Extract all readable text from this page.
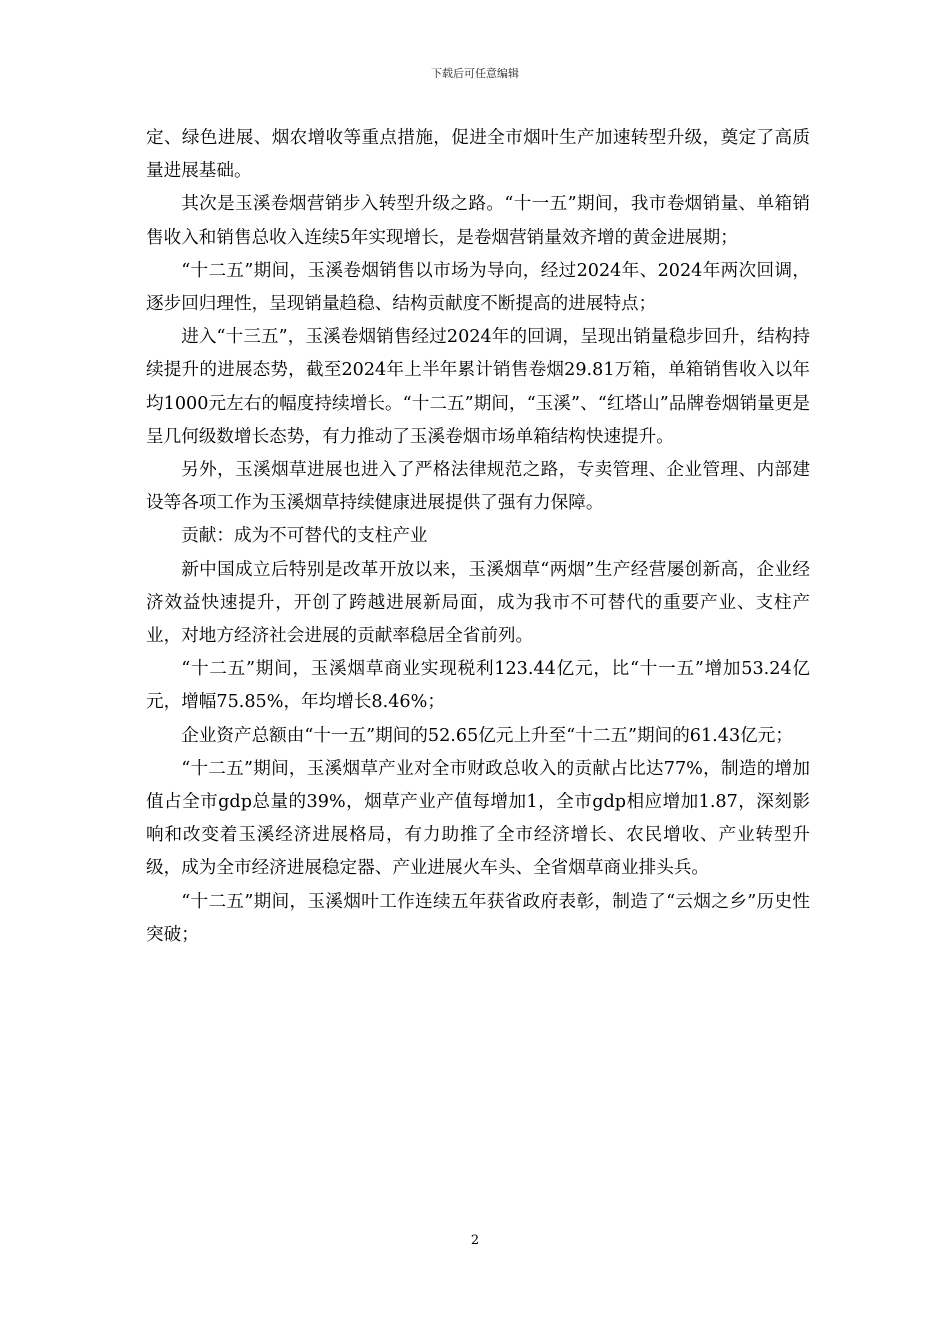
下载后可任意编辑

定、绿色进展、烟农增收等重点措施，促进全市烟叶生产加速转型升级，奠定了高质量进展基础。

其次是玉溪卷烟营销步入转型升级之路。“十一五”期间，我市卷烟销量、单箱销售收入和销售总收入连续5年实现增长，是卷烟营销量效齐增的黄金进展期；

“十二五”期间，玉溪卷烟销售以市场为导向，经过2024年、2024年两次回调，逐步回归理性，呈现销量趋稳、结构贡献度不断提高的进展特点；

进入“十三五”，玉溪卷烟销售经过2024年的回调，呈现出销量稳步回升，结构持续提升的进展态势，截至2024年上半年累计销售卷烟29.81万箱，单箱销售收入以年均1000元左右的幅度持续增长。“十二五”期间，“玉溪”、“红塔山”品牌卷烟销量更是呈几何级数增长态势，有力推动了玉溪卷烟市场单箱结构快速提升。

另外，玉溪烟草进展也进入了严格法律规范之路，专卖管理、企业管理、内部建设等各项工作为玉溪烟草持续健康进展提供了强有力保障。

贡献：成为不可替代的支柱产业

新中国成立后特别是改革开放以来，玉溪烟草“两烟”生产经营屡创新高，企业经济效益快速提升，开创了跨越进展新局面，成为我市不可替代的重要产业、支柱产业，对地方经济社会进展的贡献率稳居全省前列。

“十二五”期间，玉溪烟草商业实现税利123.44亿元，比“十一五”增加53.24亿元，增幅75.85%，年均增长8.46%；

企业资产总额由“十一五”期间的52.65亿元上升至“十二五”期间的61.43亿元；

“十二五”期间，玉溪烟草产业对全市财政总收入的贡献占比达77%，制造的增加值占全市gdp总量的39%，烟草产业产值每增加1，全市gdp相应增加1.87，深刻影响和改变着玉溪经济进展格局，有力助推了全市经济增长、农民增收、产业转型升级，成为全市经济进展稳定器、产业进展火车头、全省烟草商业排头兵。

“十二五”期间，玉溪烟叶工作连续五年获省政府表彰，制造了“云烟之乡”历史性突破；

2
